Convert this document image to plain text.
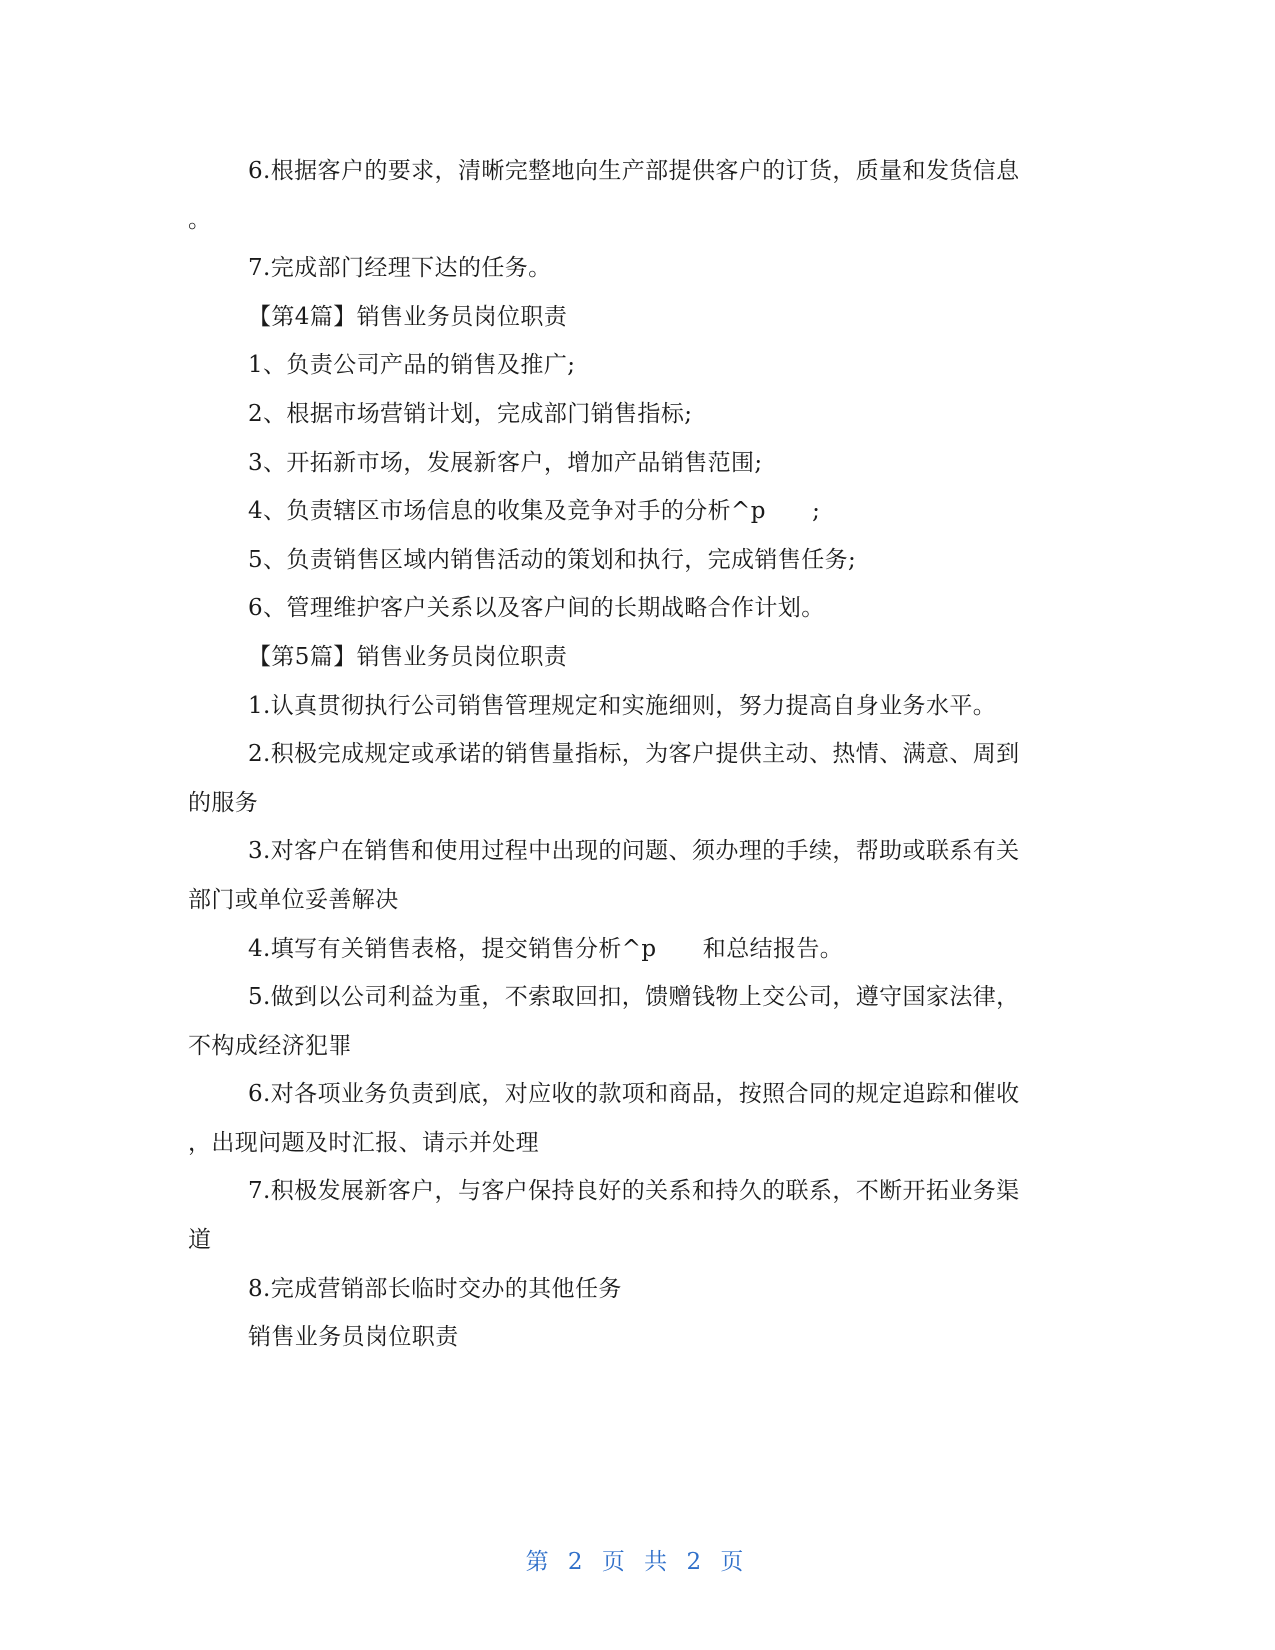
6.根据客户的要求，清晰完整地向生产部提供客户的订货，质量和发货信息
。
7.完成部门经理下达的任务。
【第4篇】销售业务员岗位职责
1、负责公司产品的销售及推广;
2、根据市场营销计划，完成部门销售指标;
3、开拓新市场，发展新客户，增加产品销售范围;
4、负责辖区市场信息的收集及竞争对手的分析^p      ;
5、负责销售区域内销售活动的策划和执行，完成销售任务;
6、管理维护客户关系以及客户间的长期战略合作计划。
【第5篇】销售业务员岗位职责
1.认真贯彻执行公司销售管理规定和实施细则，努力提高自身业务水平。
2.积极完成规定或承诺的销售量指标，为客户提供主动、热情、满意、周到
的服务
3.对客户在销售和使用过程中出现的问题、须办理的手续，帮助或联系有关
部门或单位妥善解决
4.填写有关销售表格，提交销售分析^p      和总结报告。
5.做到以公司利益为重，不索取回扣，馈赠钱物上交公司，遵守国家法律，
不构成经济犯罪
6.对各项业务负责到底，对应收的款项和商品，按照合同的规定追踪和催收
，出现问题及时汇报、请示并处理
7.积极发展新客户，与客户保持良好的关系和持久的联系，不断开拓业务渠
道
8.完成营销部长临时交办的其他任务
销售业务员岗位职责
第 2 页 共 2 页
